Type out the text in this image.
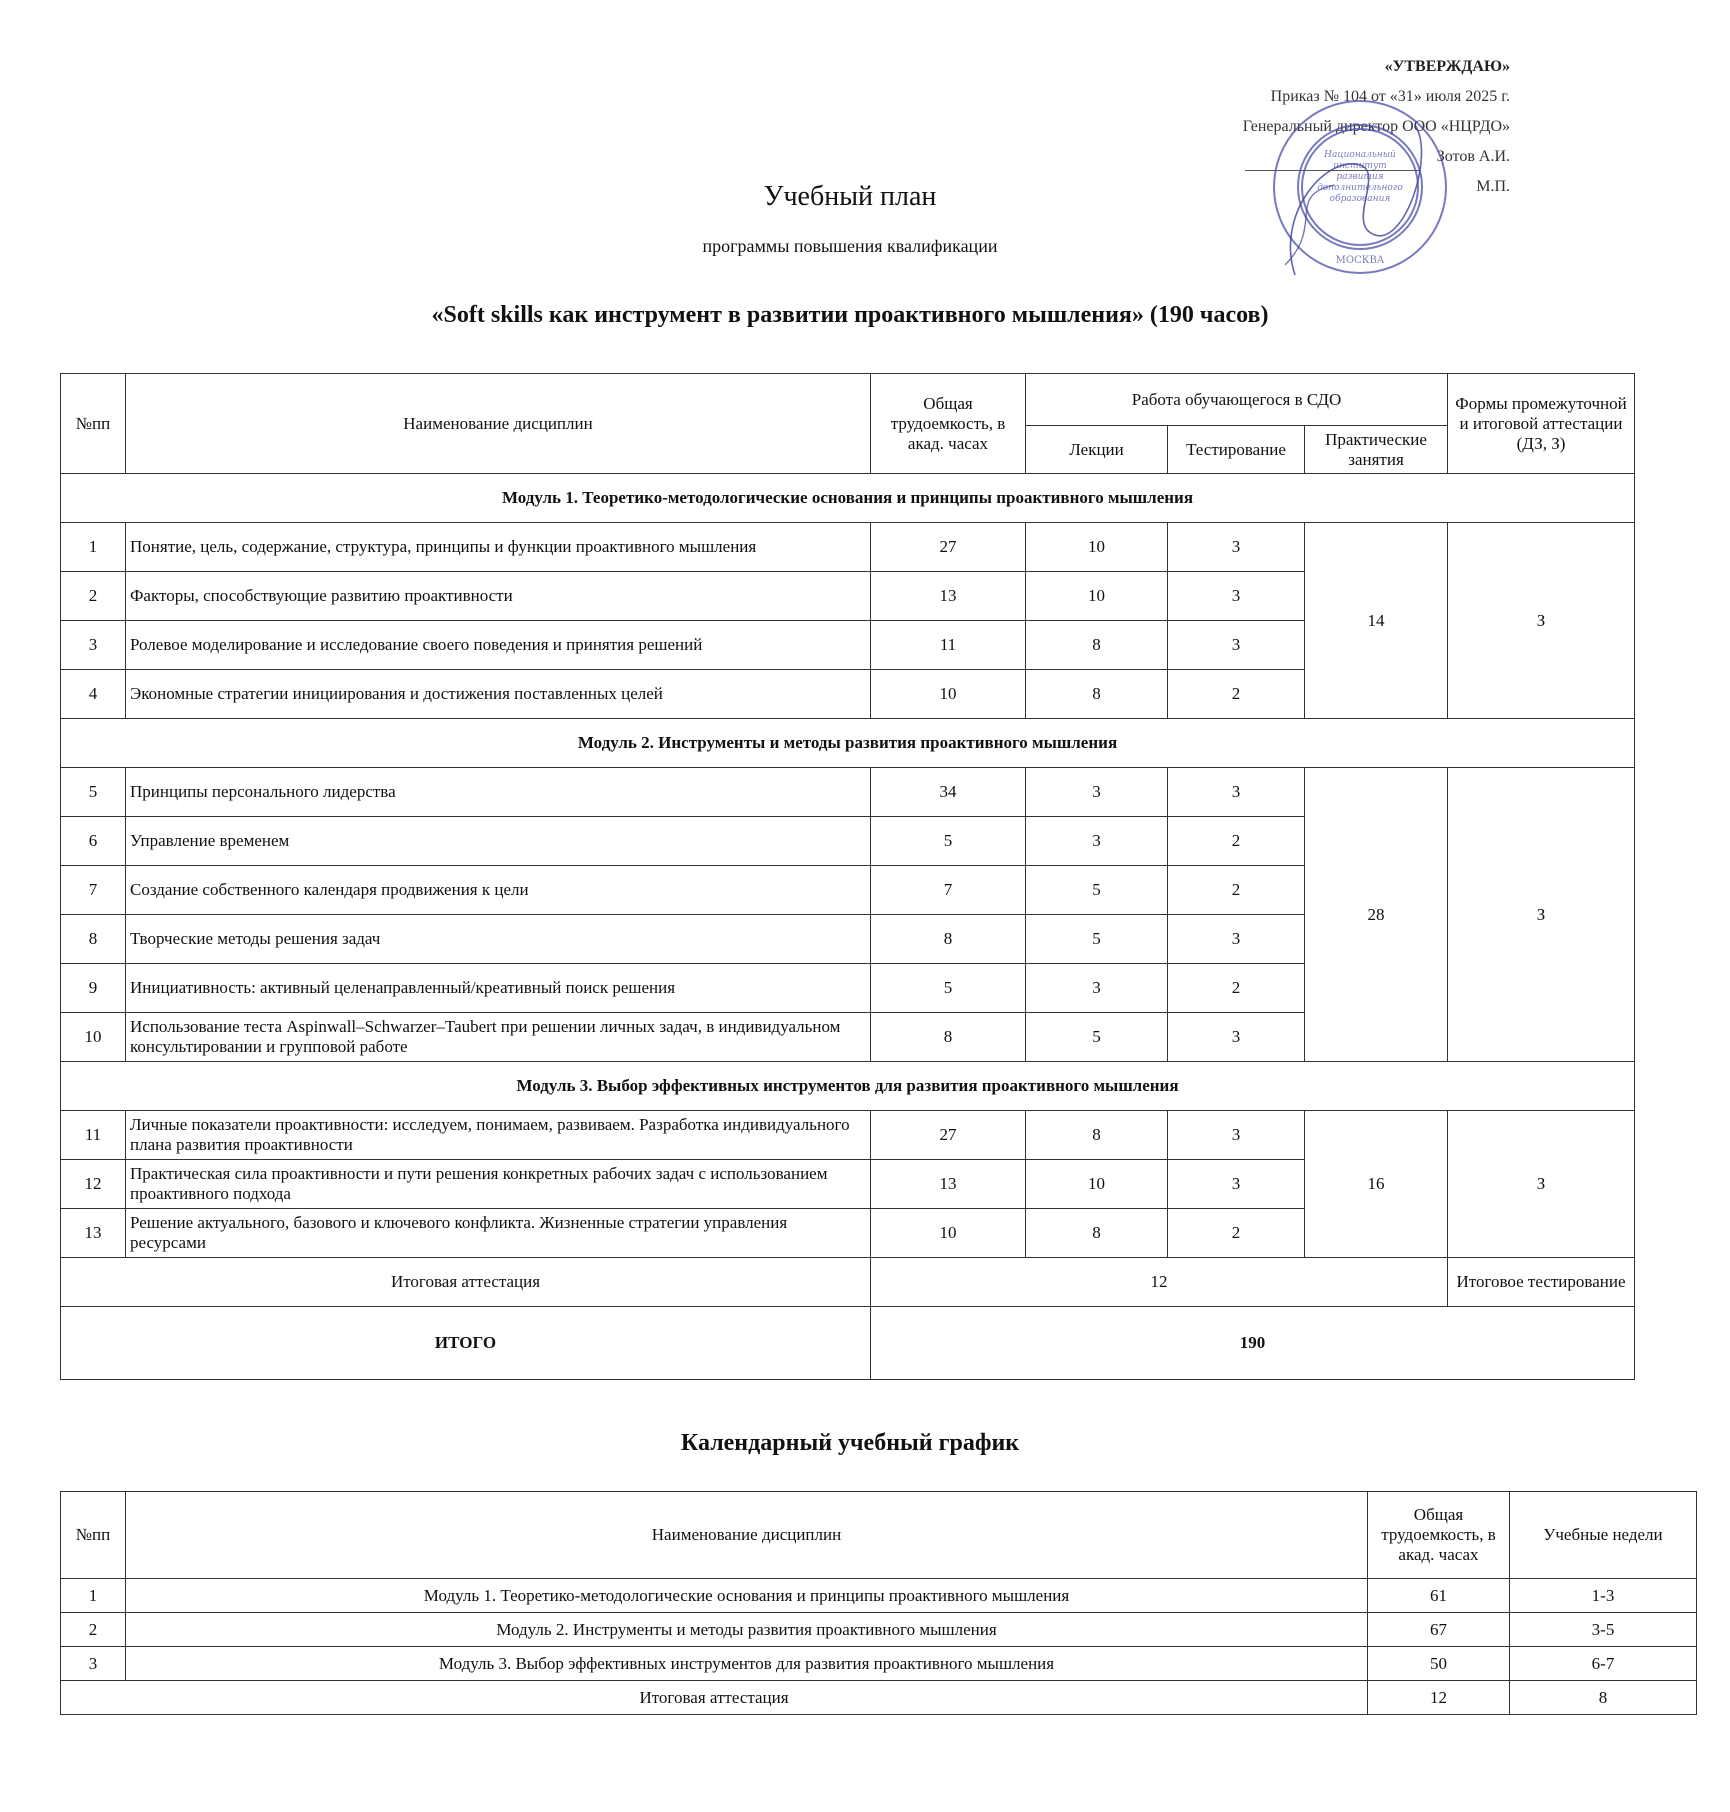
«УТВЕРЖДАЮ»
Приказ № 104 от «31» июля 2025 г.
Генеральный директор ООО «НЦРДО»
Зотов А.И.
М.П.
Национальный
институт
развития
дополнительного
образования
МОСКВА
Учебный план
программы повышения квалификации
«Soft skills как инструмент в развитии проактивного мышления» (190 часов)
№пп	Наименование дисциплин	Общая трудоемкость, в акад. часах	Работа обучающегося в СДО			Формы промежуточной и итоговой аттестации (ДЗ, З)
			Лекции	Тестирование	Практические занятия	
Модуль 1. Теоретико-методологические основания и принципы проактивного мышления						
1	Понятие, цель, содержание, структура, принципы и функции проактивного мышления	27	10	3	14	З
2	Факторы, способствующие развитию проактивности	13	10	3		
3	Ролевое моделирование и исследование своего поведения и принятия решений	11	8	3		
4	Экономные стратегии инициирования и достижения поставленных целей	10	8	2		
Модуль 2. Инструменты и методы развития проактивного мышления						
5	Принципы персонального лидерства	34	3	3	28	З
6	Управление временем	5	3	2		
7	Создание собственного календаря продвижения к цели	7	5	2		
8	Творческие методы решения задач	8	5	3		
9	Инициативность: активный целенаправленный/креативный поиск решения	5	3	2		
10	Использование теста Aspinwall–Schwarzer–Taubert при решении личных задач, в индивидуальном консультировании и групповой работе	8	5	3		
Модуль 3. Выбор эффективных инструментов для развития проактивного мышления						
11	Личные показатели проактивности: исследуем, понимаем, развиваем. Разработка индивидуального плана развития проактивности	27	8	3	16	З
12	Практическая сила проактивности и пути решения конкретных рабочих задач с использованием проактивного подхода	13	10	3		
13	Решение актуального, базового и ключевого конфликта. Жизненные стратегии управления ресурсами	10	8	2		
Итоговая аттестация		12				Итоговое тестирование
ИТОГО		190				
Календарный учебный график
№пп	Наименование дисциплин	Общая трудоемкость, в акад. часах	Учебные недели
1	Модуль 1. Теоретико-методологические основания и принципы проактивного мышления	61	1-3
2	Модуль 2. Инструменты и методы развития проактивного мышления	67	3-5
3	Модуль 3. Выбор эффективных инструментов для развития проактивного мышления	50	6-7
Итоговая аттестация		12	8
